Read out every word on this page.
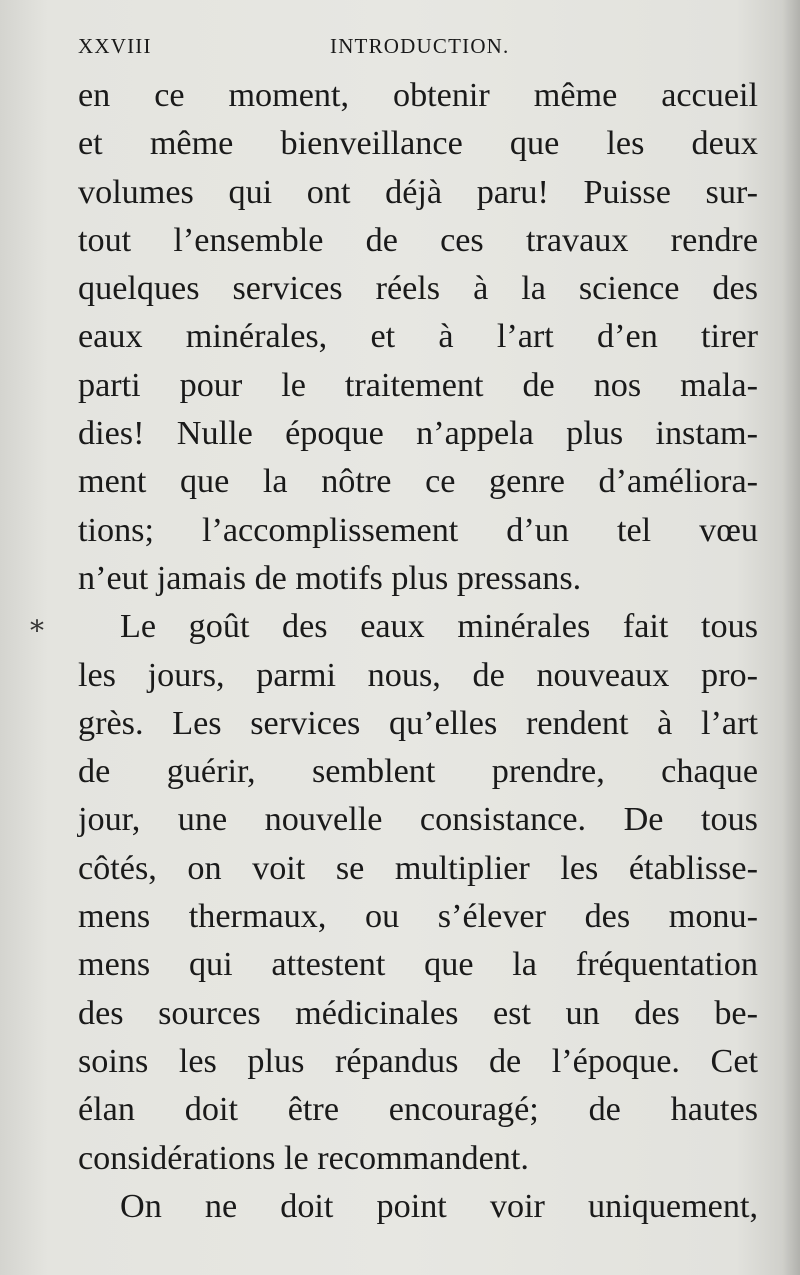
XXVIII	INTRODUCTION.
en ce moment, obtenir même accueil
et même bienveillance que les deux
volumes qui ont déjà paru! Puisse sur-
tout l’ensemble de ces travaux rendre
quelques services réels à la science des
eaux minérales, et à l’art d’en tirer
parti pour le traitement de nos mala-
dies! Nulle époque n’appela plus instam-
ment que la nôtre ce genre d’améliora-
tions; l’accomplissement d’un tel vœu
n’eut jamais de motifs plus pressans.
⁎ Le goût des eaux minérales fait tous
les jours, parmi nous, de nouveaux pro-
grès. Les services qu’elles rendent à l’art
de guérir, semblent prendre, chaque
jour, une nouvelle consistance. De tous
côtés, on voit se multiplier les établisse-
mens thermaux, ou s’élever des monu-
mens qui attestent que la fréquentation
des sources médicinales est un des be-
soins les plus répandus de l’époque. Cet
élan doit être encouragé; de hautes
considérations le recommandent.
On ne doit point voir uniquement,
